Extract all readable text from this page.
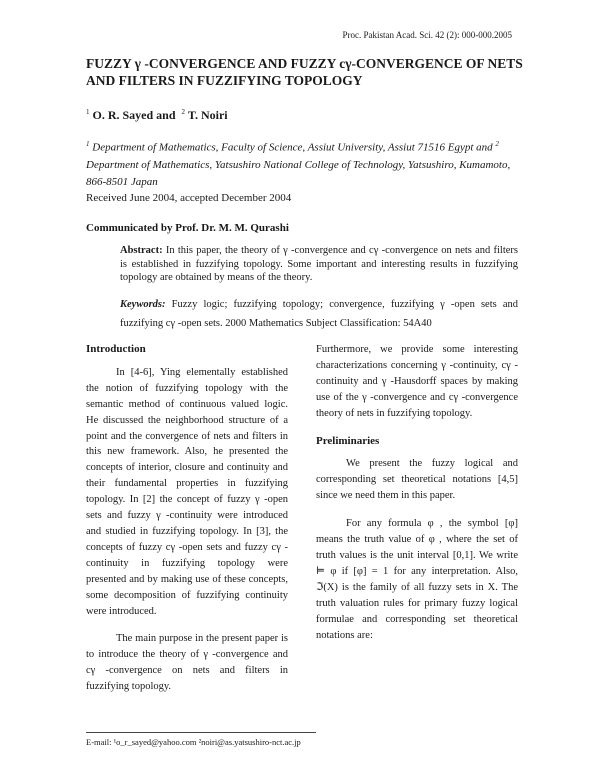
Proc. Pakistan Acad. Sci. 42 (2): 000-000.2005
FUZZY γ -CONVERGENCE AND FUZZY cγ-CONVERGENCE OF NETS AND FILTERS IN FUZZIFYING TOPOLOGY
$^1$ O. R. Sayed and $^2$ T. Noiri
$^1$ Department of Mathematics, Faculty of Science, Assiut University, Assiut 71516 Egypt and $^2$ Department of Mathematics, Yatsushiro National College of Technology, Yatsushiro, Kumamoto, 866-8501 Japan
Received June 2004, accepted December 2004
Communicated by Prof. Dr. M. M. Qurashi
Abstract: In this paper, the theory of γ -convergence and cγ -convergence on nets and filters is established in fuzzifying topology. Some important and interesting results in fuzzifying topology are obtained by means of the theory.
Keywords: Fuzzy logic; fuzzifying topology; convergence, fuzzifying γ -open sets and fuzzifying cγ -open sets. 2000 Mathematics Subject Classification: 54A40

Introduction

In [4-6], Ying elementally established the notion of fuzzifying topology with the semantic method of continuous valued logic. He discussed the neighborhood structure of a point and the convergence of nets and filters in this new framework. Also, he presented the concepts of interior, closure and continuity and their fundamental properties in fuzzifying topology. In [2] the concept of fuzzy γ -open sets and fuzzy γ -continuity were introduced and studied in fuzzifying topology. In [3], the concepts of fuzzy cγ -open sets and fuzzy cγ -continuity in fuzzifying topology were presented and by making use of these concepts, some decomposition of fuzzifying continuity were introduced.

The main purpose in the present paper is to introduce the theory of γ -convergence and cγ -convergence on nets and filters in fuzzifying topology.

Furthermore, we provide some interesting characterizations concerning γ -continuity, cγ -continuity and γ -Hausdorff spaces by making use of the γ -convergence and cγ -convergence theory of nets in fuzzifying topology.

Preliminaries

We present the fuzzy logical and corresponding set theoretical notations [4,5] since we need them in this paper.

For any formula φ , the symbol [φ] means the truth value of φ , where the set of truth values is the unit interval [0,1]. We write ⊨ φ if [φ] = 1 for any interpretation. Also, ℑ(X) is the family of all fuzzy sets in X. The truth valuation rules for primary fuzzy logical formulae and corresponding set theoretical notations are:

E-mail: ¹o_r_sayed@yahoo.com ²noiri@as.yatsushiro-nct.ac.jp
